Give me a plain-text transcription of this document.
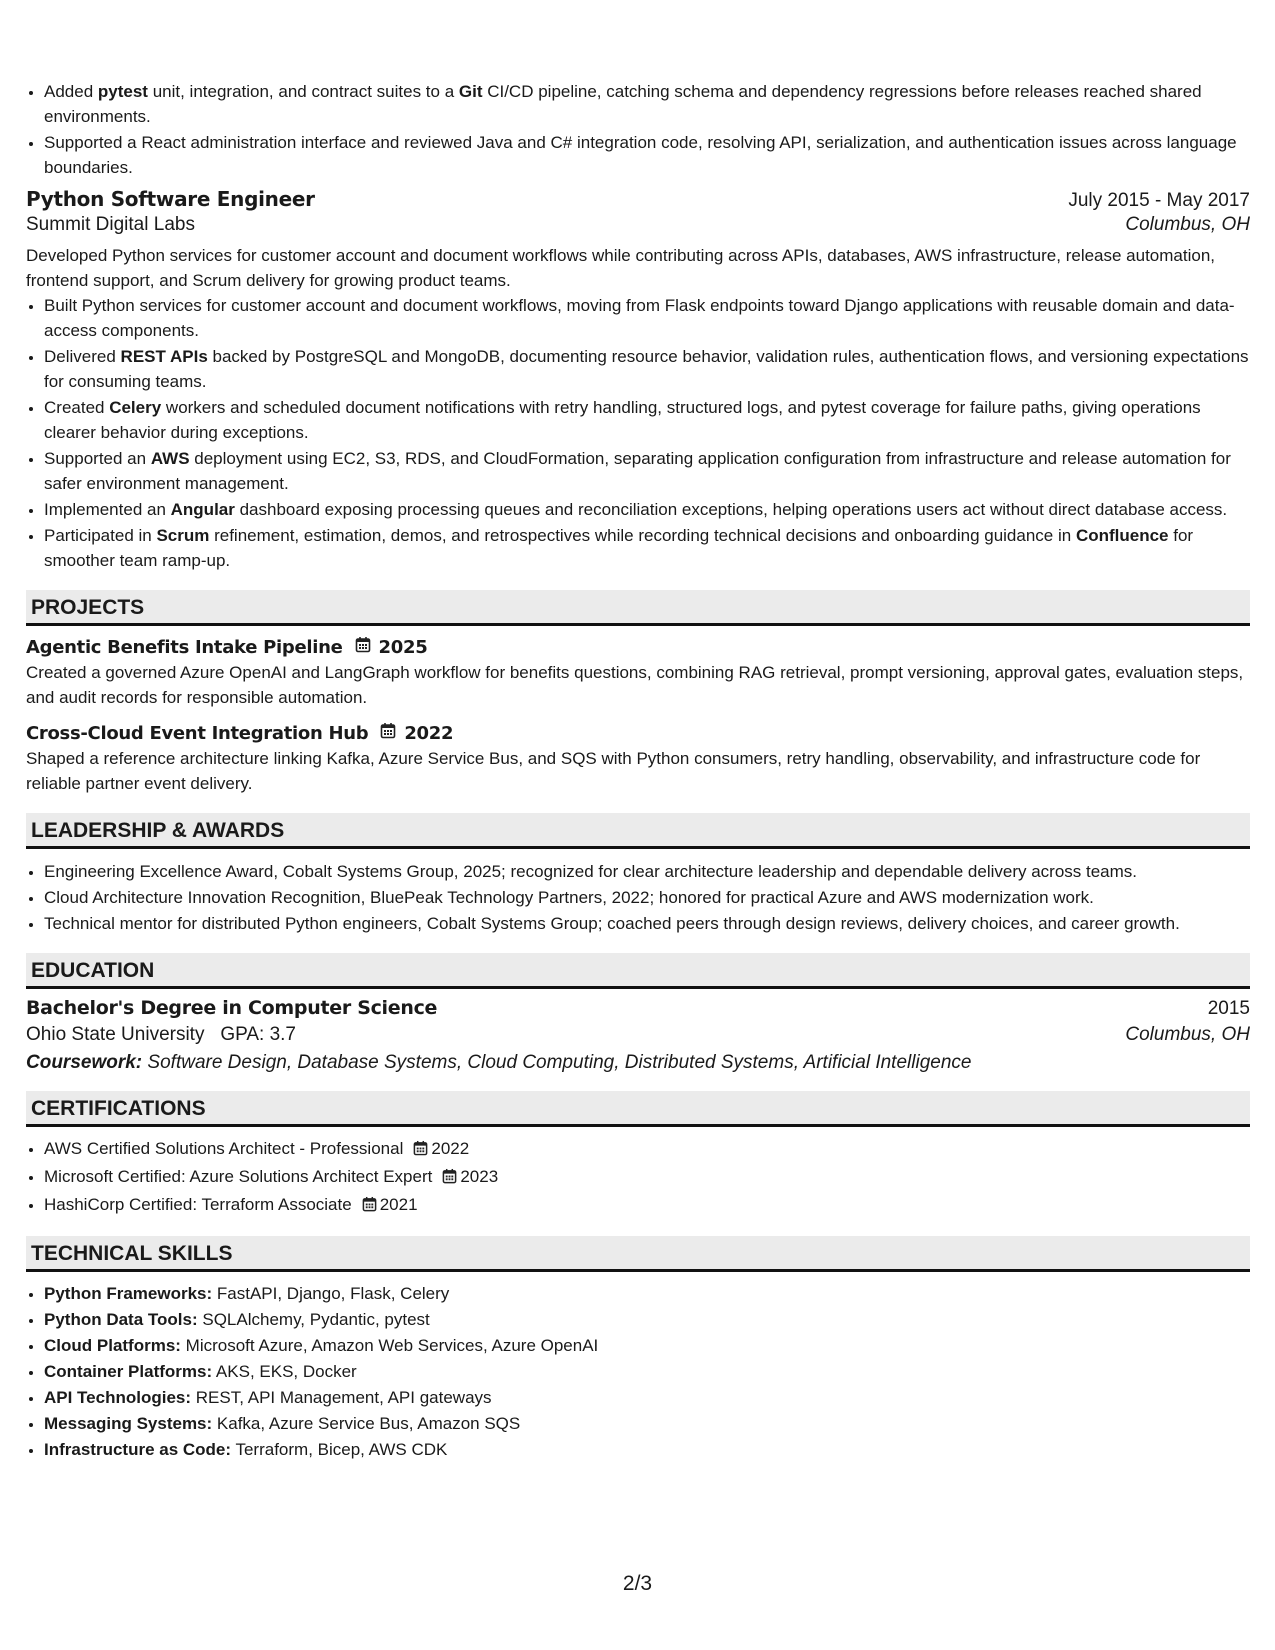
• Added pytest unit, integration, and contract suites to a Git CI/CD pipeline, catching schema and dependency regressions before releases reached shared environments.
• Supported a React administration interface and reviewed Java and C# integration code, resolving API, serialization, and authentication issues across language boundaries.
Python Software Engineer	July 2015 - May 2017
Summit Digital Labs	Columbus, OH
Developed Python services for customer account and document workflows while contributing across APIs, databases, AWS infrastructure, release automation, frontend support, and Scrum delivery for growing product teams.
• Built Python services for customer account and document workflows, moving from Flask endpoints toward Django applications with reusable domain and data-access components.
• Delivered REST APIs backed by PostgreSQL and MongoDB, documenting resource behavior, validation rules, authentication flows, and versioning expectations for consuming teams.
• Created Celery workers and scheduled document notifications with retry handling, structured logs, and pytest coverage for failure paths, giving operations clearer behavior during exceptions.
• Supported an AWS deployment using EC2, S3, RDS, and CloudFormation, separating application configuration from infrastructure and release automation for safer environment management.
• Implemented an Angular dashboard exposing processing queues and reconciliation exceptions, helping operations users act without direct database access.
• Participated in Scrum refinement, estimation, demos, and retrospectives while recording technical decisions and onboarding guidance in Confluence for smoother team ramp-up.
PROJECTS
Agentic Benefits Intake Pipeline 2025
Created a governed Azure OpenAI and LangGraph workflow for benefits questions, combining RAG retrieval, prompt versioning, approval gates, evaluation steps, and audit records for responsible automation.
Cross-Cloud Event Integration Hub 2022
Shaped a reference architecture linking Kafka, Azure Service Bus, and SQS with Python consumers, retry handling, observability, and infrastructure code for reliable partner event delivery.
LEADERSHIP & AWARDS
• Engineering Excellence Award, Cobalt Systems Group, 2025; recognized for clear architecture leadership and dependable delivery across teams.
• Cloud Architecture Innovation Recognition, BluePeak Technology Partners, 2022; honored for practical Azure and AWS modernization work.
• Technical mentor for distributed Python engineers, Cobalt Systems Group; coached peers through design reviews, delivery choices, and career growth.
EDUCATION
Bachelor's Degree in Computer Science	2015
Ohio State University GPA: 3.7	Columbus, OH
Coursework: Software Design, Database Systems, Cloud Computing, Distributed Systems, Artificial Intelligence
CERTIFICATIONS
• AWS Certified Solutions Architect - Professional 2022
• Microsoft Certified: Azure Solutions Architect Expert 2023
• HashiCorp Certified: Terraform Associate 2021
TECHNICAL SKILLS
• Python Frameworks: FastAPI, Django, Flask, Celery
• Python Data Tools: SQLAlchemy, Pydantic, pytest
• Cloud Platforms: Microsoft Azure, Amazon Web Services, Azure OpenAI
• Container Platforms: AKS, EKS, Docker
• API Technologies: REST, API Management, API gateways
• Messaging Systems: Kafka, Azure Service Bus, Amazon SQS
• Infrastructure as Code: Terraform, Bicep, AWS CDK
2/3
